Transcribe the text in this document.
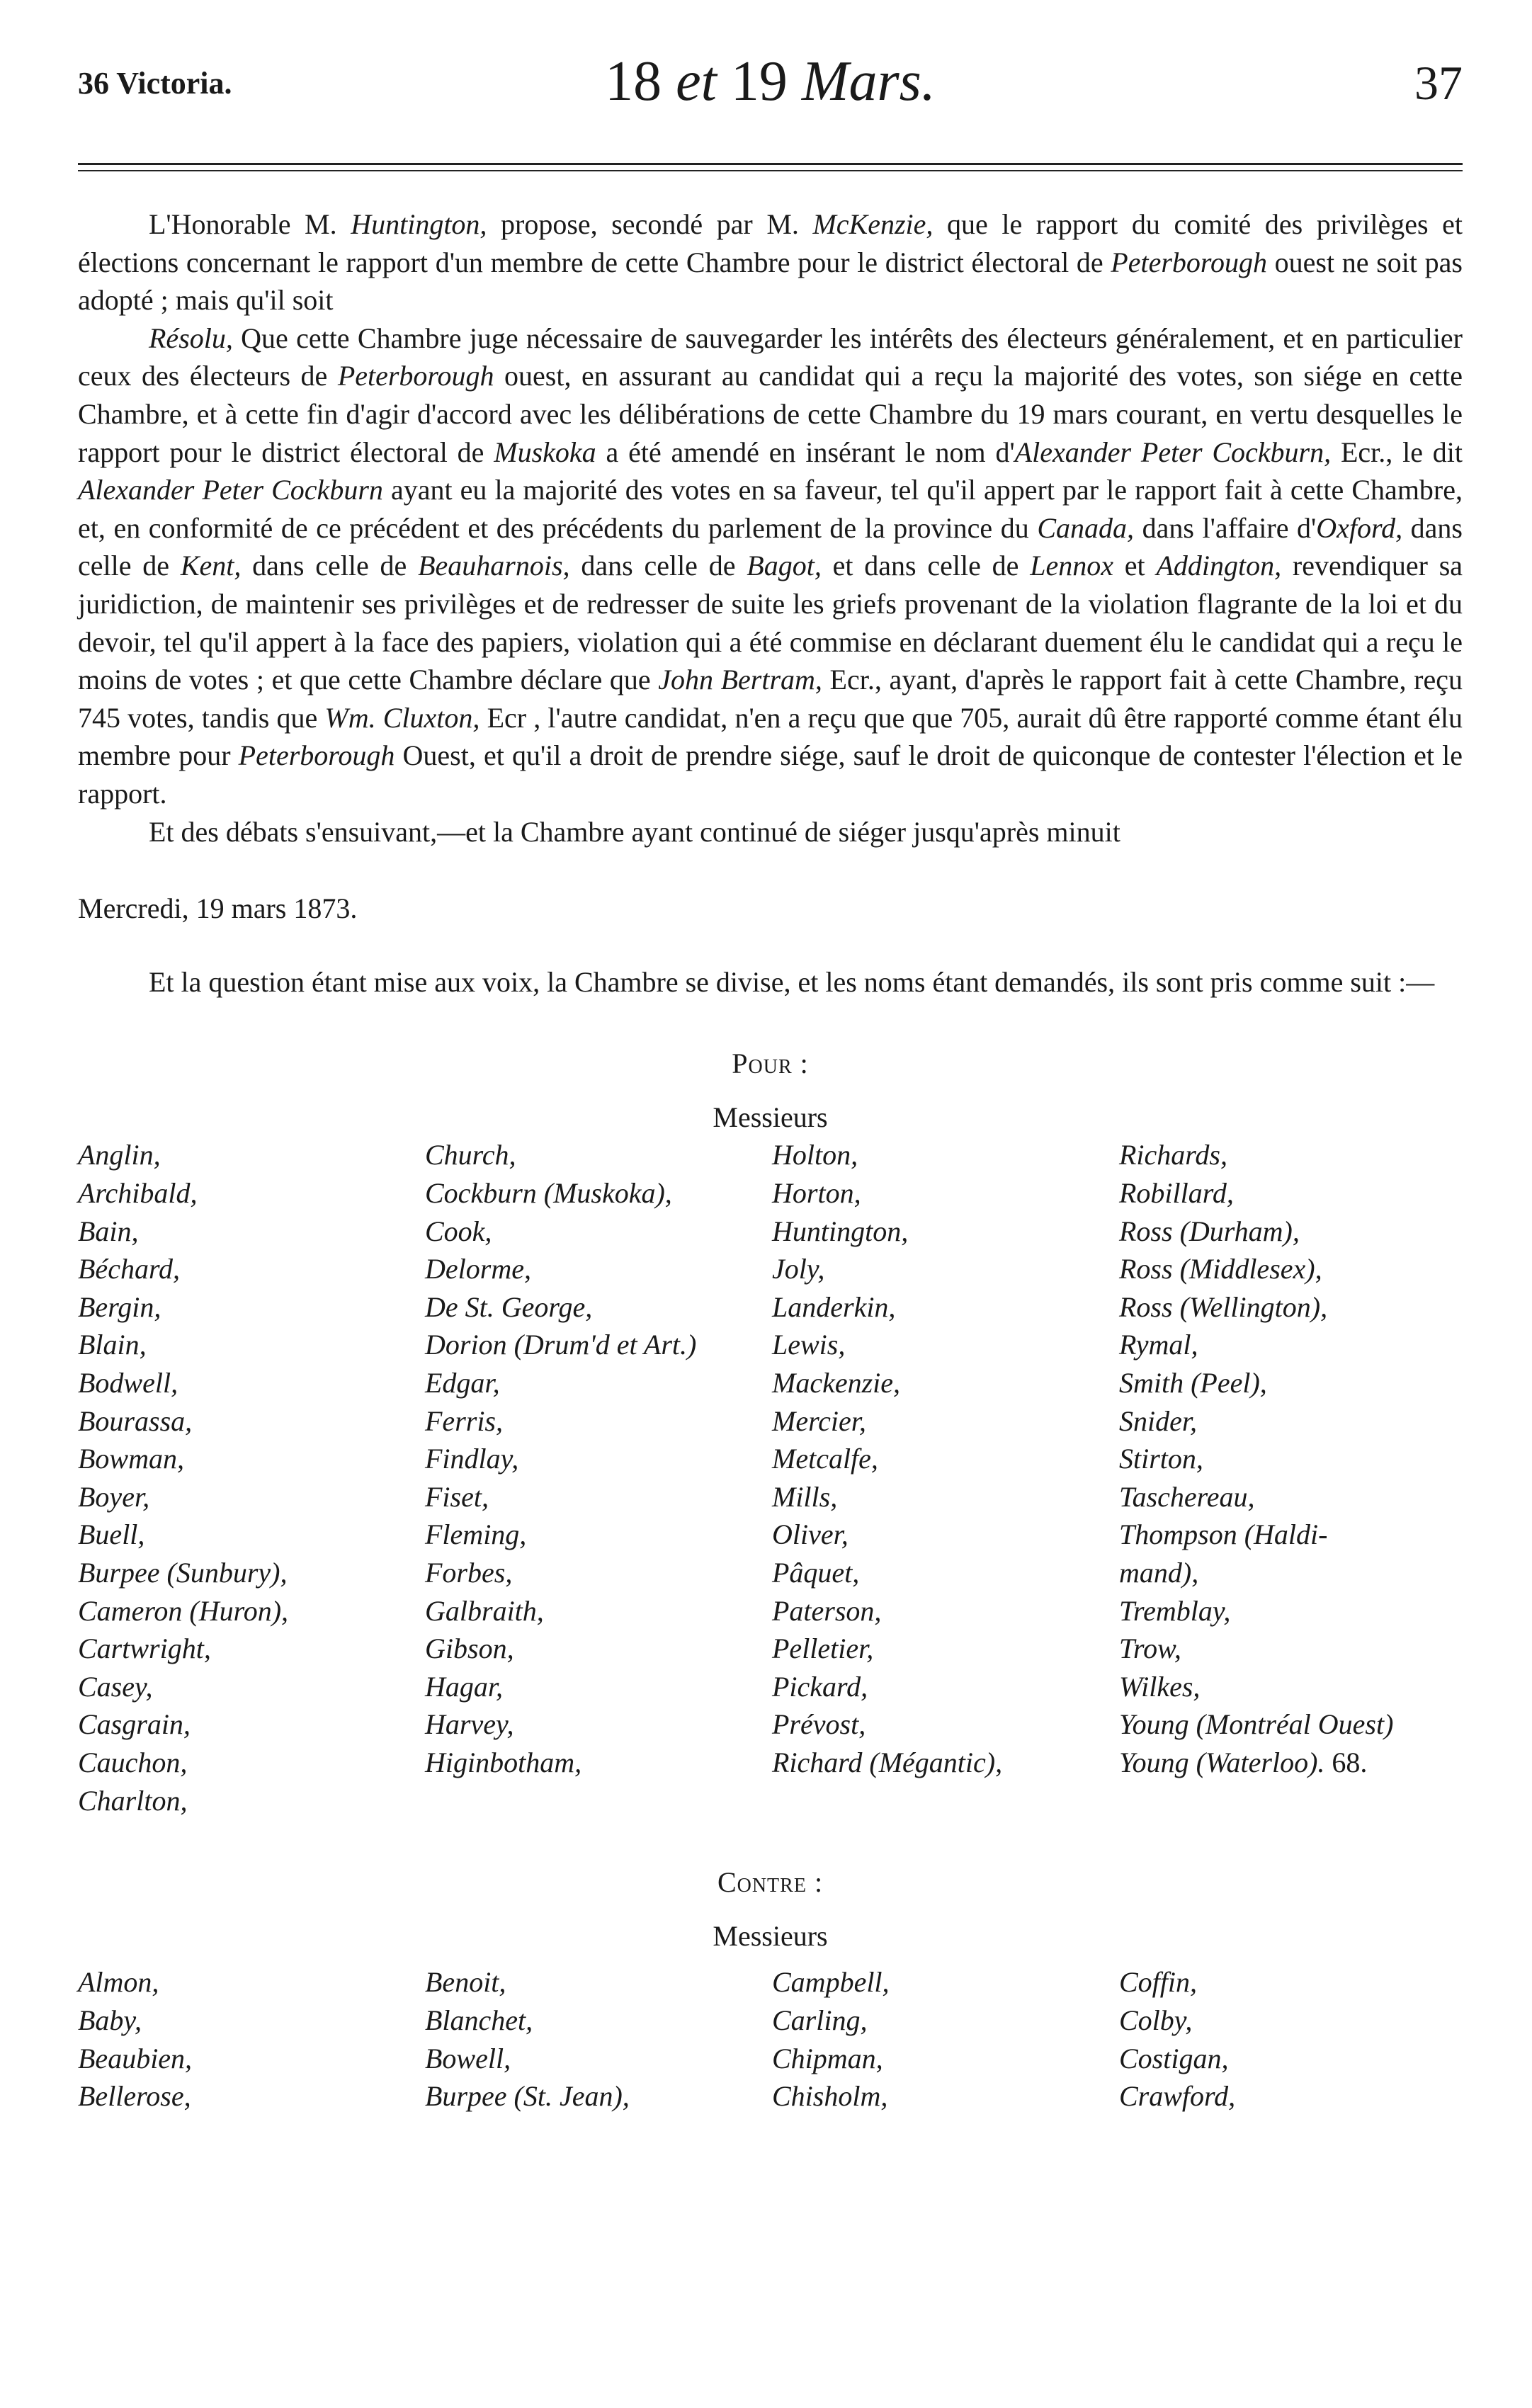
36 Victoria.	18 et 19 Mars.	37

L'Honorable M. Huntington, propose, secondé par M. McKenzie, que le rapport du comité des privilèges et élections concernant le rapport d'un membre de cette Chambre pour le district électoral de Peterborough ouest ne soit pas adopté ; mais qu'il soit

Résolu, Que cette Chambre juge nécessaire de sauvegarder les intérêts des électeurs généralement, et en particulier ceux des électeurs de Peterborough ouest, en assurant au candidat qui a reçu la majorité des votes, son siége en cette Chambre, et à cette fin d'agir d'accord avec les délibérations de cette Chambre du 19 mars courant, en vertu desquelles le rapport pour le district électoral de Muskoka a été amendé en insérant le nom d'Alexander Peter Cockburn, Ecr., le dit Alexander Peter Cockburn ayant eu la majorité des votes en sa faveur, tel qu'il appert par le rapport fait à cette Chambre, et, en conformité de ce précédent et des précédents du parlement de la province du Canada, dans l'affaire d'Oxford, dans celle de Kent, dans celle de Beauharnois, dans celle de Bagot, et dans celle de Lennox et Addington, revendiquer sa juridiction, de maintenir ses privilèges et de redresser de suite les griefs provenant de la violation flagrante de la loi et du devoir, tel qu'il appert à la face des papiers, violation qui a été commise en déclarant duement élu le candidat qui a reçu le moins de votes ; et que cette Chambre déclare que John Bertram, Ecr., ayant, d'après le rapport fait à cette Chambre, reçu 745 votes, tandis que Wm. Cluxton, Ecr , l'autre candidat, n'en a reçu que que 705, aurait dû être rapporté comme étant élu membre pour Peterborough Ouest, et qu'il a droit de prendre siége, sauf le droit de quiconque de contester l'élection et le rapport.

Et des débats s'ensuivant,—et la Chambre ayant continué de siéger jusqu'après minuit

Mercredi, 19 mars 1873.

Et la question étant mise aux voix, la Chambre se divise, et les noms étant demandés, ils sont pris comme suit :—

Pour :

Messieurs

Anglin,
Archibald,
Bain,
Béchard,
Bergin,
Blain,
Bodwell,
Bourassa,
Bowman,
Boyer,
Buell,
Burpee (Sunbury),
Cameron (Huron),
Cartwright,
Casey,
Casgrain,
Cauchon,
Charlton,
Church,
Cockburn (Muskoka),
Cook,
Delorme,
De St. George,
Dorion (Drum'd et Art.)
Edgar,
Ferris,
Findlay,
Fiset,
Fleming,
Forbes,
Galbraith,
Gibson,
Hagar,
Harvey,
Higinbotham,
Holton,
Horton,
Huntington,
Joly,
Landerkin,
Lewis,
Mackenzie,
Mercier,
Metcalfe,
Mills,
Oliver,
Pâquet,
Paterson,
Pelletier,
Pickard,
Prévost,
Richard (Mégantic),
Richards,
Robillard,
Ross (Durham),
Ross (Middlesex),
Ross (Wellington),
Rymal,
Smith (Peel),
Snider,
Stirton,
Taschereau,
Thompson (Haldi-
mand),
Tremblay,
Trow,
Wilkes,
Young (Montréal Ouest)
Young (Waterloo). 68.

Contre :

Messieurs

Almon,
Baby,
Beaubien,
Bellerose,
Benoit,
Blanchet,
Bowell,
Burpee (St. Jean),
Campbell,
Carling,
Chipman,
Chisholm,
Coffin,
Colby,
Costigan,
Crawford,
